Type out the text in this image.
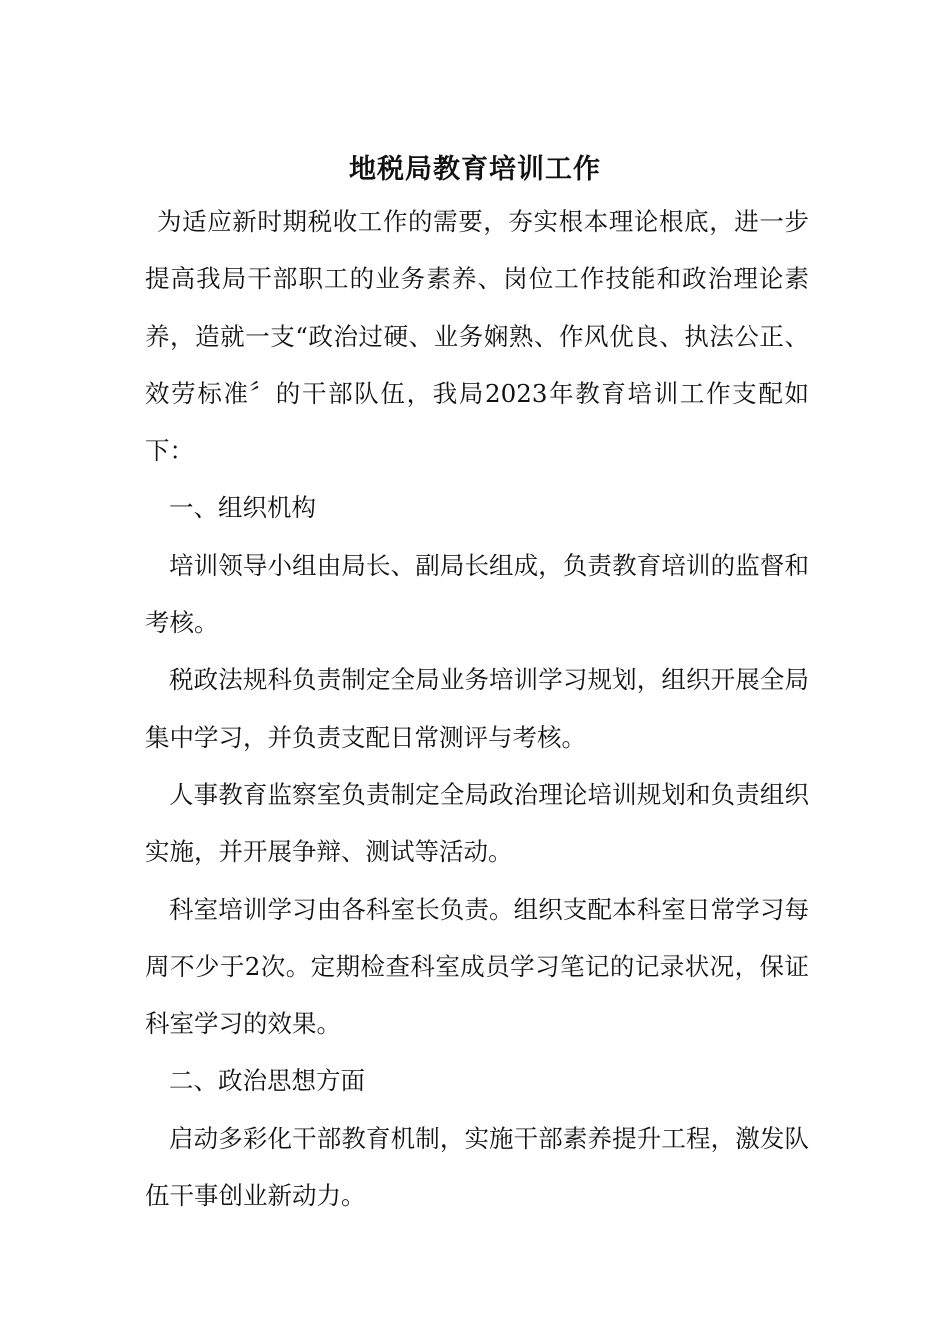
地税局教育培训工作

为适应新时期税收工作的需要，夯实根本理论根底，进一步提高我局干部职工的业务素养、岗位工作技能和政治理论素养，造就一支“政治过硬、业务娴熟、作风优良、执法公正、效劳标准〞的干部队伍，我局2023年教育培训工作支配如下：

一、组织机构

培训领导小组由局长、副局长组成，负责教育培训的监督和考核。

税政法规科负责制定全局业务培训学习规划，组织开展全局集中学习，并负责支配日常测评与考核。

人事教育监察室负责制定全局政治理论培训规划和负责组织实施，并开展争辩、测试等活动。

科室培训学习由各科室长负责。组织支配本科室日常学习每周不少于2次。定期检查科室成员学习笔记的记录状况，保证科室学习的效果。

二、政治思想方面

启动多彩化干部教育机制，实施干部素养提升工程，激发队伍干事创业新动力。
